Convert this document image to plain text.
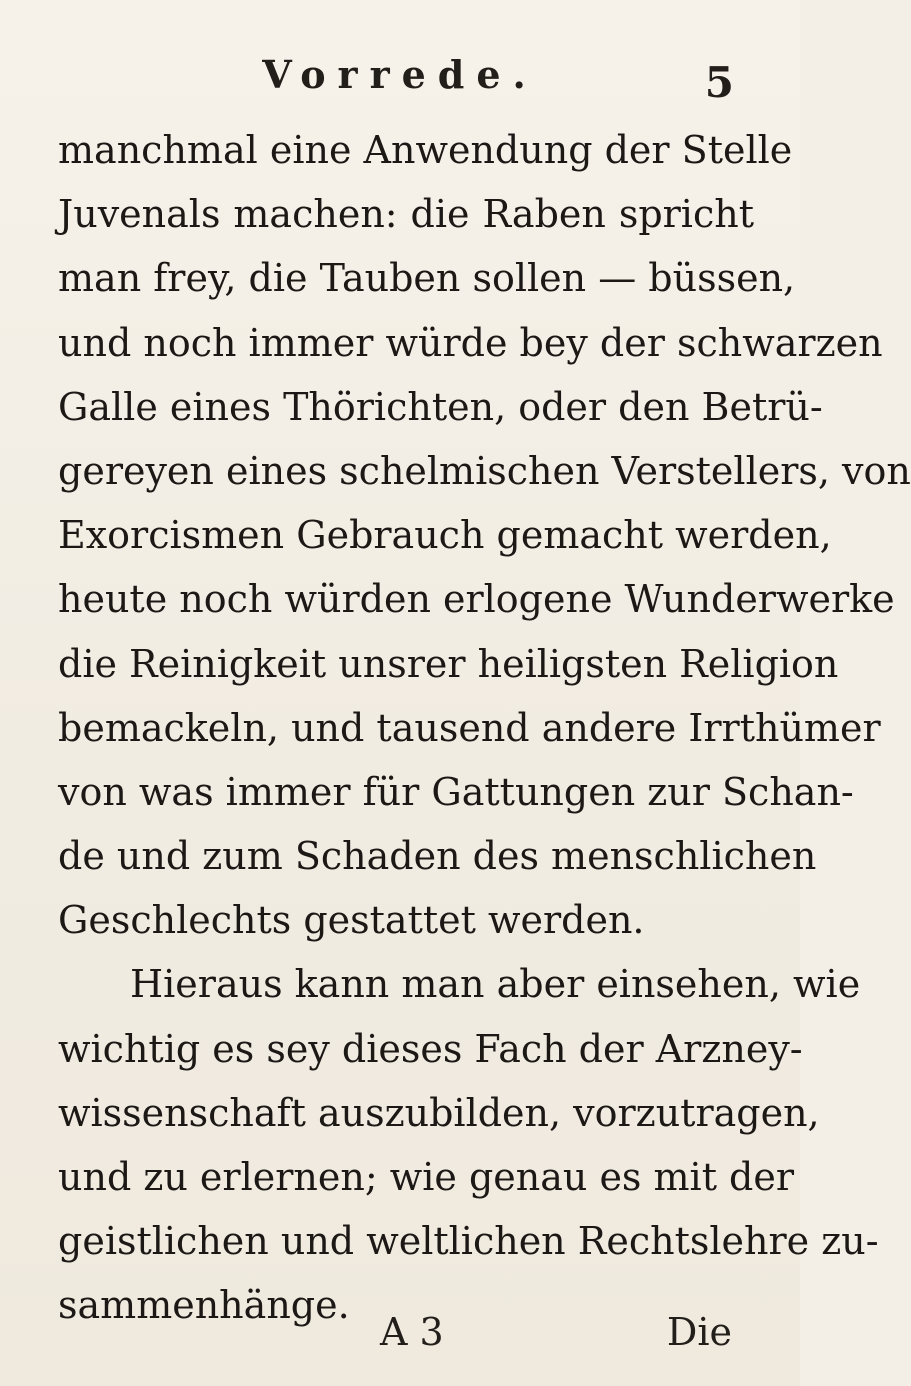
Vorrede.	5
manchmal eine Anwendung der Stelle
Juvenals machen: die Raben spricht
man frey, die Tauben sollen — büssen,
und noch immer würde bey der schwarzen
Galle eines Thörichten, oder den Betrü-
gereyen eines schelmischen Verstellers, von
Exorcismen Gebrauch gemacht werden,
heute noch würden erlogene Wunderwerke
die Reinigkeit unsrer heiligsten Religion
bemackeln, und tausend andere Irrthümer
von was immer für Gattungen zur Schan-
de und zum Schaden des menschlichen
Geschlechts gestattet werden.
Hieraus kann man aber einsehen, wie
wichtig es sey dieses Fach der Arzney-
wissenschaft auszubilden, vorzutragen,
und zu erlernen; wie genau es mit der
geistlichen und weltlichen Rechtslehre zu-
sammenhänge.
A 3	Die
